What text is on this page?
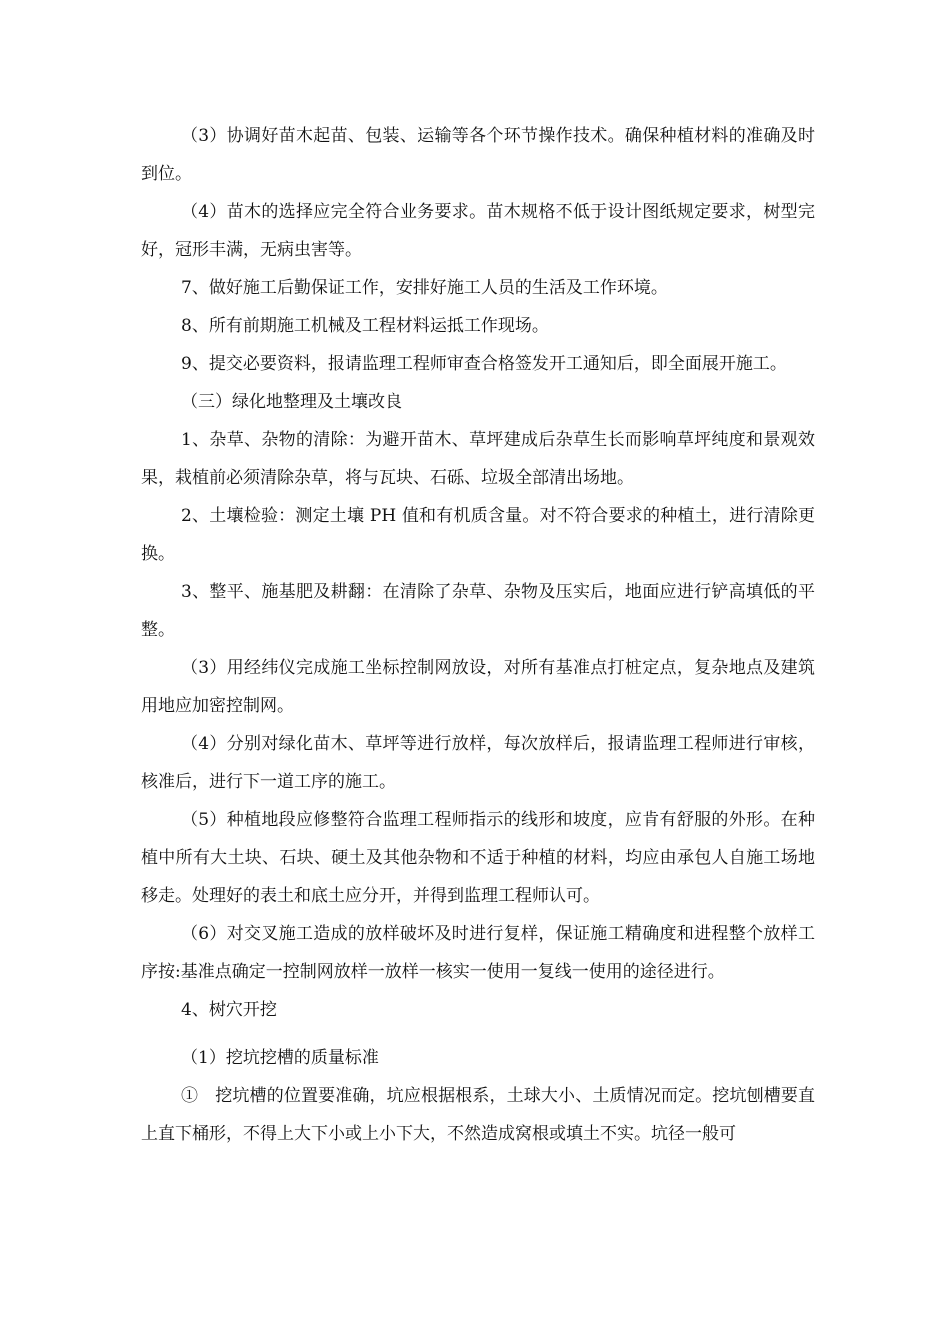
（3）协调好苗木起苗、包装、运输等各个环节操作技术。确保种植材料的准确及时到位。

（4）苗木的选择应完全符合业务要求。苗木规格不低于设计图纸规定要求，树型完好，冠形丰满，无病虫害等。

7、做好施工后勤保证工作，安排好施工人员的生活及工作环境。

8、所有前期施工机械及工程材料运抵工作现场。

9、提交必要资料，报请监理工程师审查合格签发开工通知后，即全面展开施工。

（三）绿化地整理及土壤改良

1、杂草、杂物的清除：为避开苗木、草坪建成后杂草生长而影响草坪纯度和景观效果，栽植前必须清除杂草，将与瓦块、石砾、垃圾全部清出场地。

2、土壤检验：测定土壤 PH 值和有机质含量。对不符合要求的种植土，进行清除更换。

3、整平、施基肥及耕翻：在清除了杂草、杂物及压实后，地面应进行铲高填低的平整。

（3）用经纬仪完成施工坐标控制网放设，对所有基准点打桩定点，复杂地点及建筑用地应加密控制网。

（4）分别对绿化苗木、草坪等进行放样，每次放样后，报请监理工程师进行审核，核准后，进行下一道工序的施工。

（5）种植地段应修整符合监理工程师指示的线形和坡度，应肯有舒服的外形。在种植中所有大土块、石块、硬土及其他杂物和不适于种植的材料，均应由承包人自施工场地移走。处理好的表土和底土应分开，并得到监理工程师认可。

（6）对交叉施工造成的放样破坏及时进行复样，保证施工精确度和进程整个放样工序按:基准点确定一控制网放样一放样一核实一使用一复线一使用的途径进行。

4、树穴开挖

（1）挖坑挖槽的质量标准

①　挖坑槽的位置要准确，坑应根据根系，土球大小、土质情况而定。挖坑刨槽要直上直下桶形，不得上大下小或上小下大，不然造成窝根或填土不实。坑径一般可
